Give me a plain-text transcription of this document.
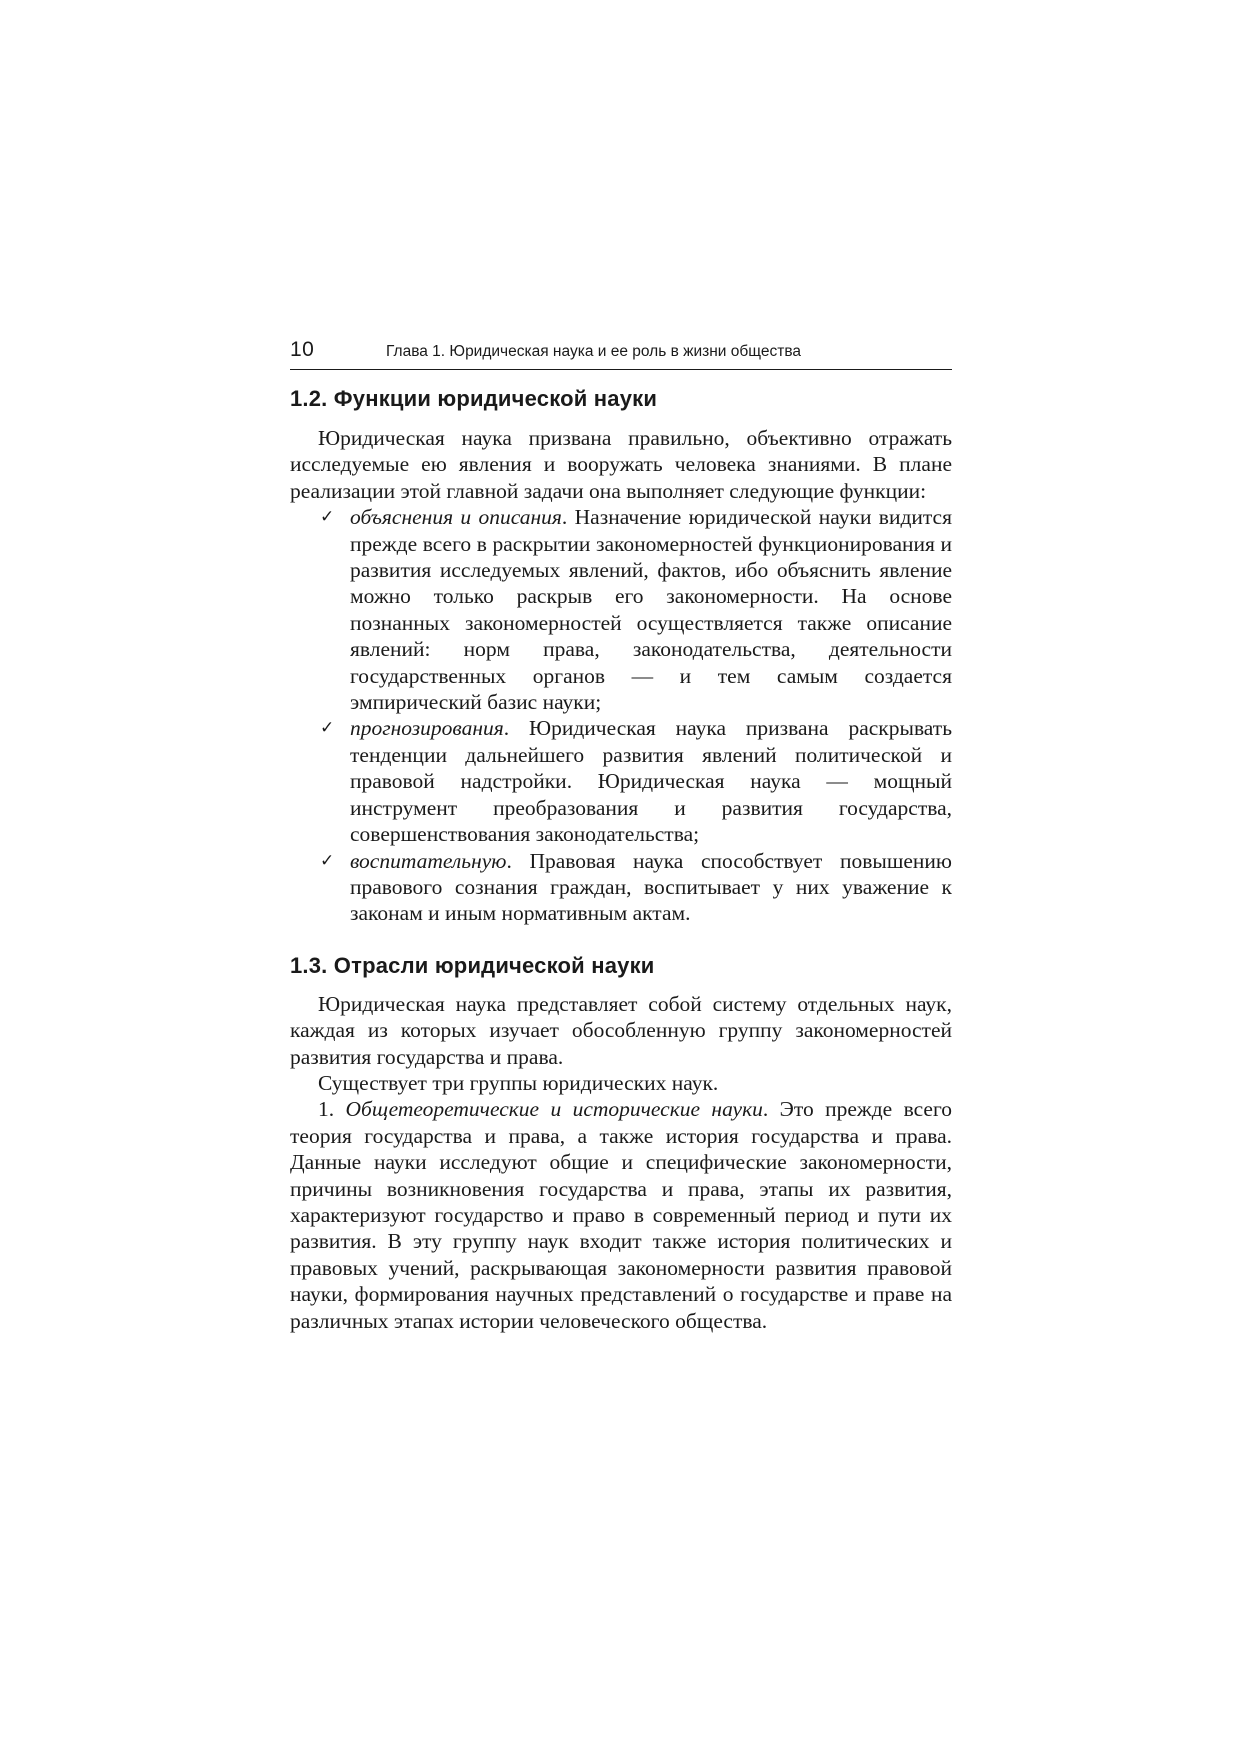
10	Глава 1. Юридическая наука и ее роль в жизни общества
1.2. Функции юридической науки

Юридическая наука призвана правильно, объективно отражать исследуемые ею явления и вооружать человека знаниями. В плане реализации этой главной задачи она выполняет следующие функции:

✓ объяснения и описания. Назначение юридической науки видится прежде всего в раскрытии закономерностей функционирования и развития исследуемых явлений, фактов, ибо объяснить явление можно только раскрыв его закономерности. На основе познанных закономерностей осуществляется также описание явлений: норм права, законодательства, деятельности государственных органов — и тем самым создается эмпирический базис науки;
✓ прогнозирования. Юридическая наука призвана раскрывать тенденции дальнейшего развития явлений политической и правовой надстройки. Юридическая наука — мощный инструмент преобразования и развития государства, совершенствования законодательства;
✓ воспитательную. Правовая наука способствует повышению правового сознания граждан, воспитывает у них уважение к законам и иным нормативным актам.
1.3. Отрасли юридической науки

Юридическая наука представляет собой систему отдельных наук, каждая из которых изучает обособленную группу закономерностей развития государства и права.

Существует три группы юридических наук.

1. Общетеоретические и исторические науки. Это прежде всего теория государства и права, а также история государства и права. Данные науки исследуют общие и специфические закономерности, причины возникновения государства и права, этапы их развития, характеризуют государство и право в современный период и пути их развития. В эту группу наук входит также история политических и правовых учений, раскрывающая закономерности развития правовой науки, формирования научных представлений о государстве и праве на различных этапах истории человеческого общества.
